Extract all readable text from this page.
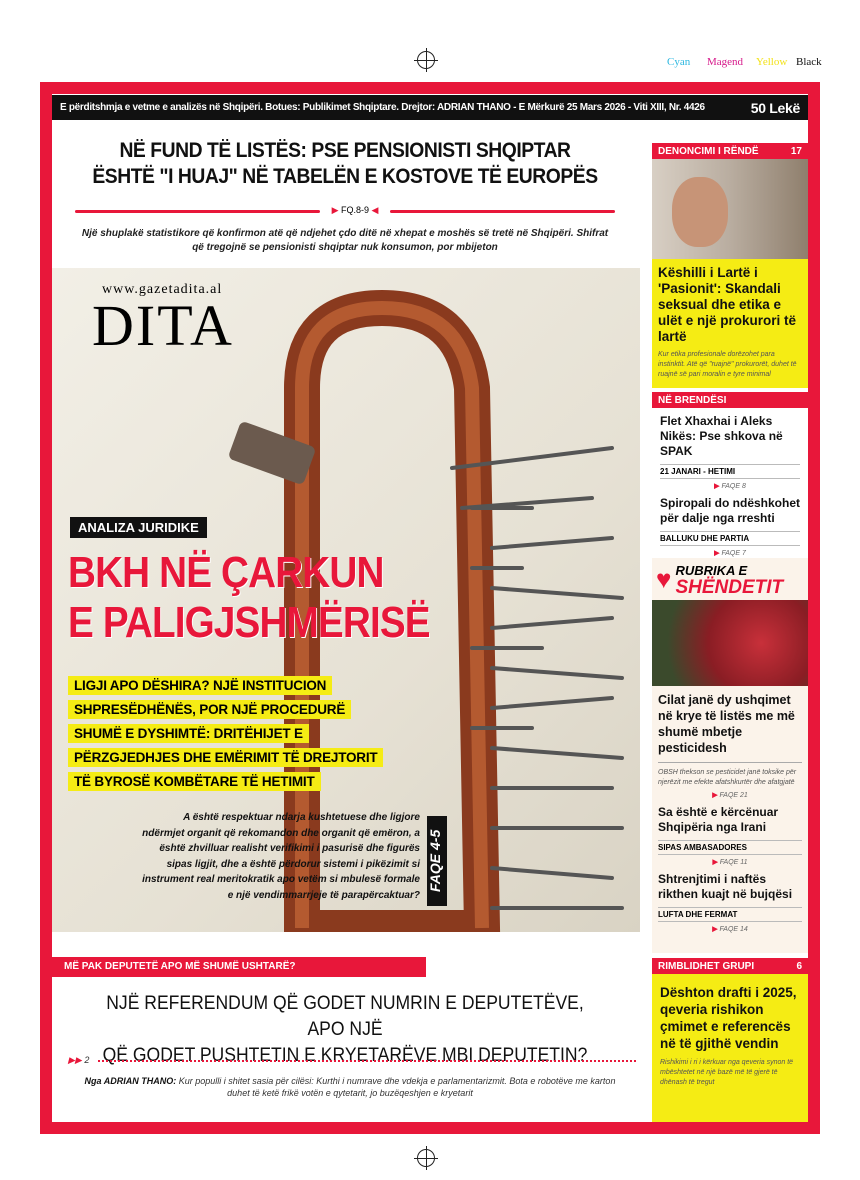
Cyan Magend Yellow Black
E përditshmja e vetme e analizës në Shqipëri. Botues: Publikimet Shqiptare. Drejtor: ADRIAN THANO - E Mërkurë 25 Mars 2026 - Viti XIII, Nr. 4426	50 Lekë
NË FUND TË LISTËS: PSE PENSIONISTI SHQIPTAR
ËSHTË "I HUAJ" NË TABELËN E KOSTOVE TË EUROPËS
▶ FQ.8-9 ◀
Një shuplakë statistikore që konfirmon atë që ndjehet çdo ditë në xhepat e moshës së tretë në Shqipëri. Shifrat që tregojnë se pensionisti shqiptar nuk konsumon, por mbijeton
www.gazetadita.al
DITA
ANALIZA JURIDIKE
BKH NË ÇARKUN
E PALIGJSHMËRISË
LIGJI APO DËSHIRA? NJË INSTITUCION
SHPRESËDHËNËS, POR NJË PROCEDURË
SHUMË E DYSHIMTË: DRITËHIJET E
PËRZGJEDHJES DHE EMËRIMIT TË DREJTORIT
TË BYROSË KOMBËTARE TË HETIMIT
A është respektuar ndarja kushtetuese dhe ligjore ndërmjet organit që rekomandon dhe organit që emëron, a është zhvilluar realisht verifikimi i pasurisë dhe figurës sipas ligjit, dhe a është përdorur sistemi i pikëzimit si instrument real meritokratik apo vetëm si mbulesë formale e një vendimmarrjeje të parapërcaktuar?
FAQE 4-5
DENONCIMI I RËNDË	17
Këshilli i Lartë i 'Pasionit': Skandali seksual dhe etika e ulët e një prokurori të lartë
Kur etika profesionale dorëzohet para instinktit. Atë që "ruajnë" prokurorët, duhet të ruajnë së pari moralin e tyre minimal
NË BRENDËSI
Flet Xhaxhai i Aleks Nikës: Pse shkova në SPAK
21 JANARI - HETIMI
▶ FAQE 8
Spiropali do ndëshkohet për dalje nga rreshti
BALLUKU DHE PARTIA
▶ FAQE 7
♥ RUBRIKA E
SHËNDETIT
Cilat janë dy ushqimet në krye të listës me më shumë mbetje pesticidesh
OBSH thekson se pesticidet janë toksike për njerëzit me efekte afatshkurtër dhe afatgjatë
▶ FAQE 21
Sa është e kërcënuar Shqipëria nga Irani
SIPAS AMBASADORES
▶ FAQE 11
Shtrenjtimi i naftës rikthen kuajt në bujqësi
LUFTA DHE FERMAT
▶ FAQE 14
RIMBLIDHET GRUPI	6
Dështon drafti i 2025, qeveria rishikon çmimet e referencës në të gjithë vendin
Rishikimi i ri i kërkuar nga qeveria synon të mbështetet në një bazë më të gjerë të dhënash të tregut
MË PAK DEPUTETË APO MË SHUMË USHTARË?
NJË REFERENDUM QË GODET NUMRIN E DEPUTETËVE, APO NJË
QË GODET PUSHTETIN E KRYETARËVE MBI DEPUTETIN?
▶▶ 2
Nga ADRIAN THANO: Kur populli i shitet sasia për cilësi: Kurthi i numrave dhe vdekja e parlamentarizmit. Bota e robotëve me karton duhet të ketë frikë votën e qytetarit, jo buzëqeshjen e kryetarit
